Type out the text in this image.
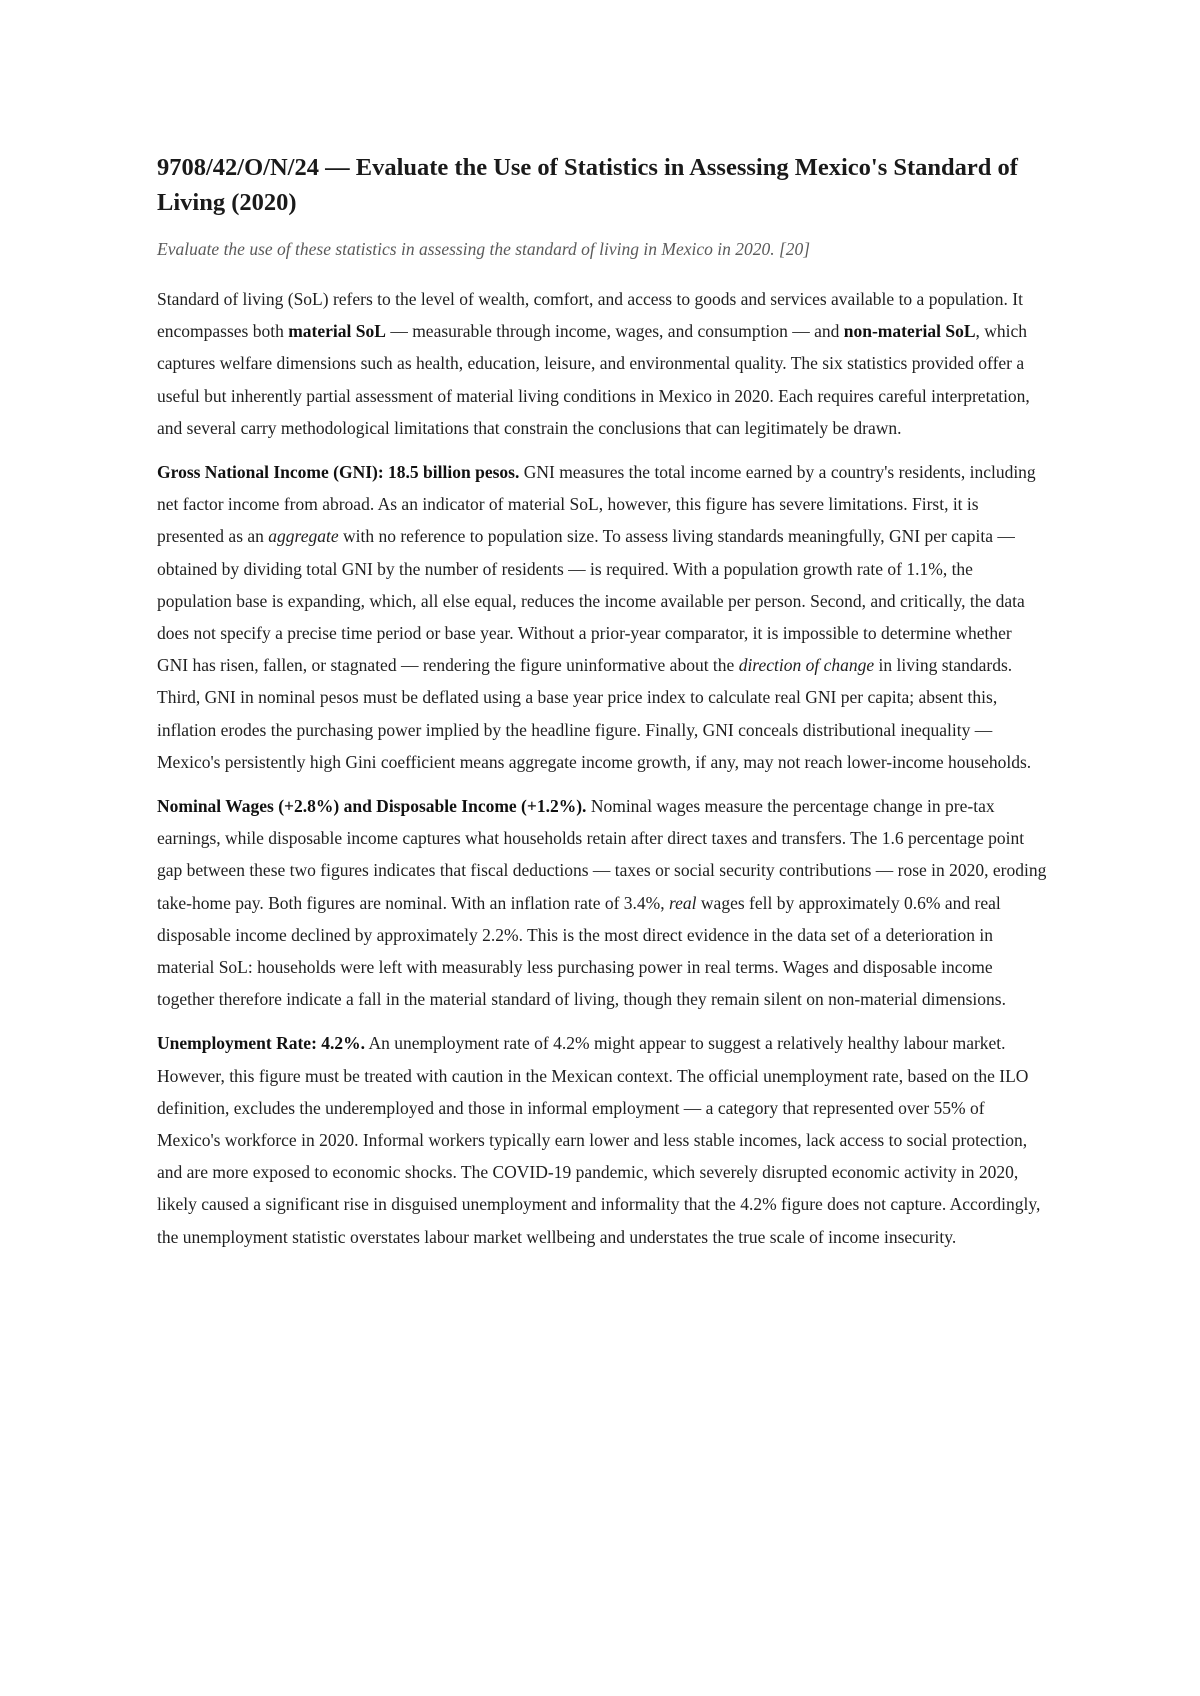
9708/42/O/N/24 — Evaluate the Use of Statistics in Assessing Mexico's Standard of Living (2020)
Evaluate the use of these statistics in assessing the standard of living in Mexico in 2020. [20]

Standard of living (SoL) refers to the level of wealth, comfort, and access to goods and services available to a population. It encompasses both material SoL — measurable through income, wages, and consumption — and non-material SoL, which captures welfare dimensions such as health, education, leisure, and environmental quality. The six statistics provided offer a useful but inherently partial assessment of material living conditions in Mexico in 2020. Each requires careful interpretation, and several carry methodological limitations that constrain the conclusions that can legitimately be drawn.

Gross National Income (GNI): 18.5 billion pesos. GNI measures the total income earned by a country's residents, including net factor income from abroad. As an indicator of material SoL, however, this figure has severe limitations. First, it is presented as an aggregate with no reference to population size. To assess living standards meaningfully, GNI per capita — obtained by dividing total GNI by the number of residents — is required. With a population growth rate of 1.1%, the population base is expanding, which, all else equal, reduces the income available per person. Second, and critically, the data does not specify a precise time period or base year. Without a prior-year comparator, it is impossible to determine whether GNI has risen, fallen, or stagnated — rendering the figure uninformative about the direction of change in living standards. Third, GNI in nominal pesos must be deflated using a base year price index to calculate real GNI per capita; absent this, inflation erodes the purchasing power implied by the headline figure. Finally, GNI conceals distributional inequality — Mexico's persistently high Gini coefficient means aggregate income growth, if any, may not reach lower-income households.

Nominal Wages (+2.8%) and Disposable Income (+1.2%). Nominal wages measure the percentage change in pre-tax earnings, while disposable income captures what households retain after direct taxes and transfers. The 1.6 percentage point gap between these two figures indicates that fiscal deductions — taxes or social security contributions — rose in 2020, eroding take-home pay. Both figures are nominal. With an inflation rate of 3.4%, real wages fell by approximately 0.6% and real disposable income declined by approximately 2.2%. This is the most direct evidence in the data set of a deterioration in material SoL: households were left with measurably less purchasing power in real terms. Wages and disposable income together therefore indicate a fall in the material standard of living, though they remain silent on non-material dimensions.

Unemployment Rate: 4.2%. An unemployment rate of 4.2% might appear to suggest a relatively healthy labour market. However, this figure must be treated with caution in the Mexican context. The official unemployment rate, based on the ILO definition, excludes the underemployed and those in informal employment — a category that represented over 55% of Mexico's workforce in 2020. Informal workers typically earn lower and less stable incomes, lack access to social protection, and are more exposed to economic shocks. The COVID-19 pandemic, which severely disrupted economic activity in 2020, likely caused a significant rise in disguised unemployment and informality that the 4.2% figure does not capture. Accordingly, the unemployment statistic overstates labour market wellbeing and understates the true scale of income insecurity.
